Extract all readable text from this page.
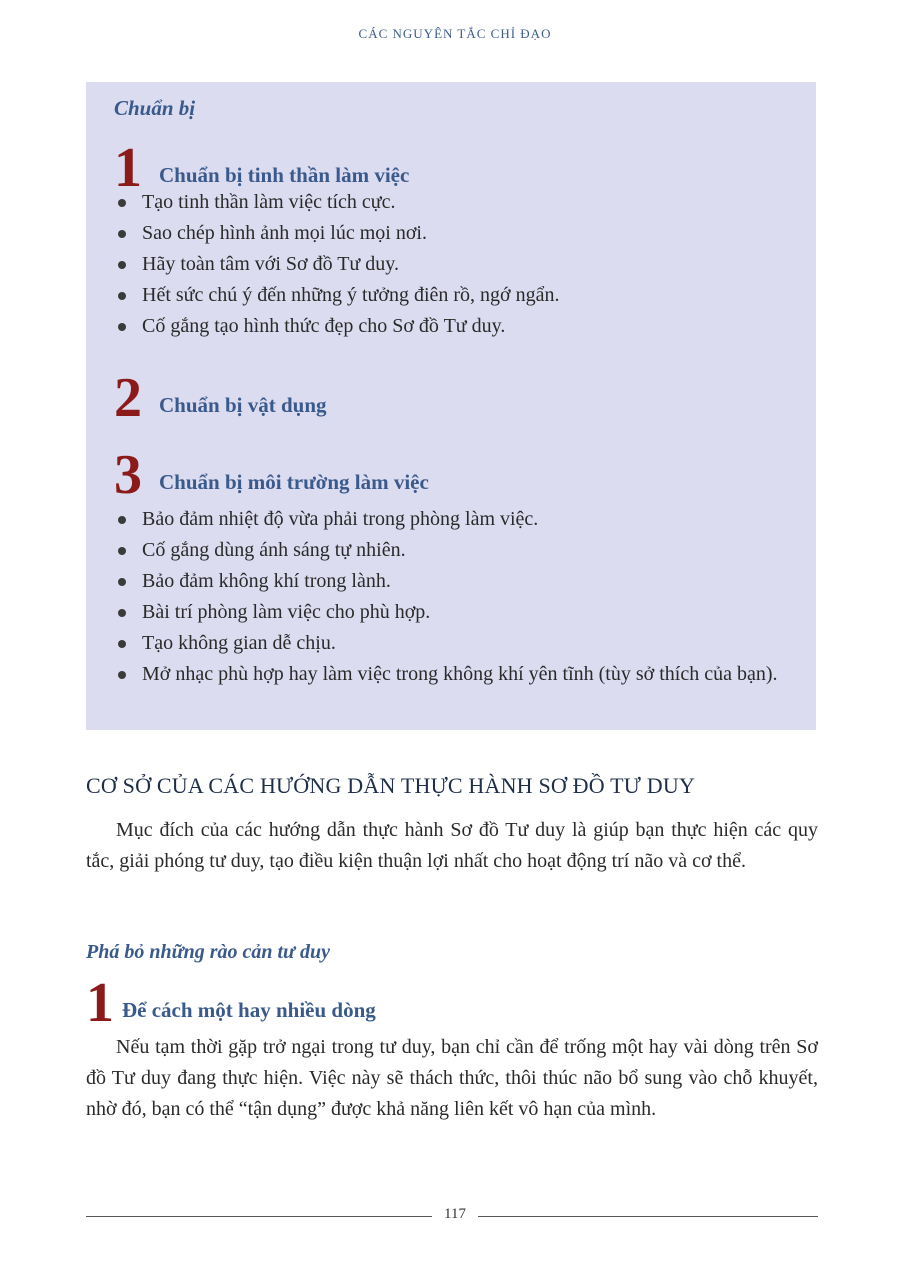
CÁC NGUYÊN TẮC CHỈ ĐẠO
Chuẩn bị
1 Chuẩn bị tinh thần làm việc
Tạo tinh thần làm việc tích cực.
Sao chép hình ảnh mọi lúc mọi nơi.
Hãy toàn tâm với Sơ đồ Tư duy.
Hết sức chú ý đến những ý tưởng điên rồ, ngớ ngẩn.
Cố gắng tạo hình thức đẹp cho Sơ đồ Tư duy.
2 Chuẩn bị vật dụng
3 Chuẩn bị môi trường làm việc
Bảo đảm nhiệt độ vừa phải trong phòng làm việc.
Cố gắng dùng ánh sáng tự nhiên.
Bảo đảm không khí trong lành.
Bài trí phòng làm việc cho phù hợp.
Tạo không gian dễ chịu.
Mở nhạc phù hợp hay làm việc trong không khí yên tĩnh (tùy sở thích của bạn).
CƠ SỞ CỦA CÁC HƯỚNG DẪN THỰC HÀNH SƠ ĐỒ TƯ DUY

Mục đích của các hướng dẫn thực hành Sơ đồ Tư duy là giúp bạn thực hiện các quy tắc, giải phóng tư duy, tạo điều kiện thuận lợi nhất cho hoạt động trí não và cơ thể.

Phá bỏ những rào cản tư duy
1 Để cách một hay nhiều dòng

Nếu tạm thời gặp trở ngại trong tư duy, bạn chỉ cần để trống một hay vài dòng trên Sơ đồ Tư duy đang thực hiện. Việc này sẽ thách thức, thôi thúc não bổ sung vào chỗ khuyết, nhờ đó, bạn có thể “tận dụng” được khả năng liên kết vô hạn của mình.

117
